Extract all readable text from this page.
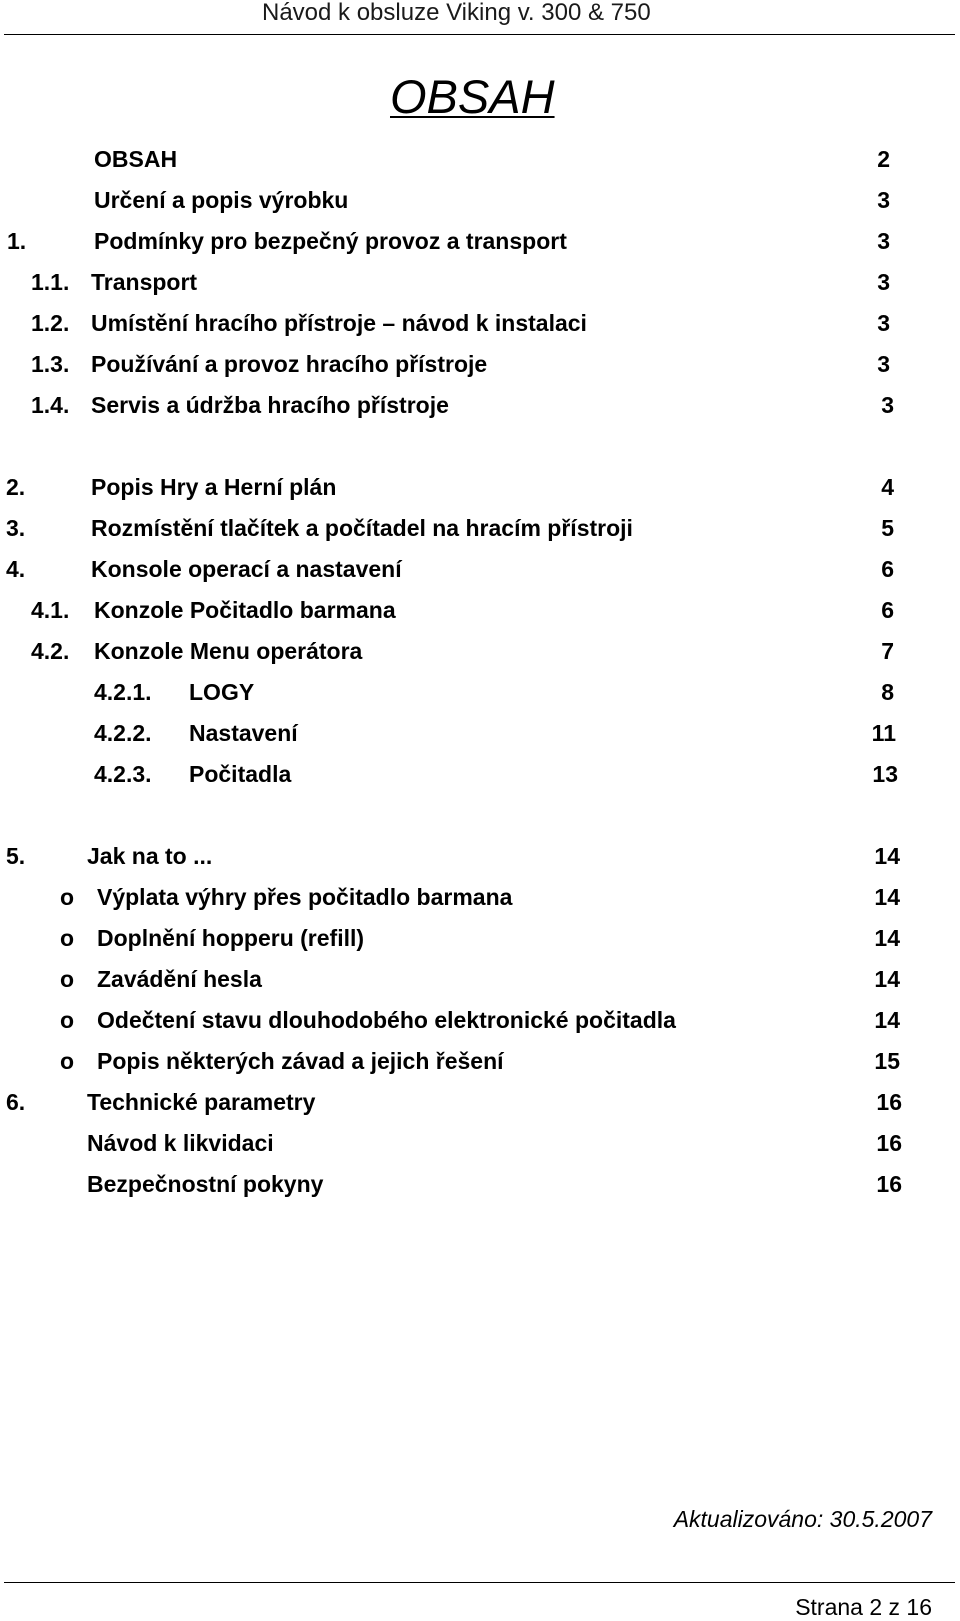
Návod k obsluze Viking v. 300 & 750
OBSAH
OBSAH	2
Určení a popis výrobku	3
1.	Podmínky pro bezpečný provoz a transport	3
1.1. Transport	3
1.2. Umístění hracího přístroje – návod k instalaci	3
1.3. Používání a provoz hracího přístroje	3
1.4. Servis a údržba hracího přístroje	3
2.	Popis Hry a Herní plán	4
3.	Rozmístění tlačítek a počítadel na hracím přístroji	5
4.	Konsole operací a nastavení	6
4.1. Konzole Počitadlo barmana	6
4.2. Konzole Menu operátora	7
4.2.1. LOGY	8
4.2.2. Nastavení	11
4.2.3. Počitadla	13
5.	Jak na to ...	14
o Výplata výhry přes počitadlo barmana	14
o Doplnění hopperu (refill)	14
o Zavádění hesla	14
o Odečtení stavu dlouhodobého elektronické počitadla	14
o Popis některých závad a jejich řešení	15
6.	Technické parametry	16
Návod k likvidaci	16
Bezpečnostní pokyny	16
Aktualizováno: 30.5.2007
Strana 2 z 16
